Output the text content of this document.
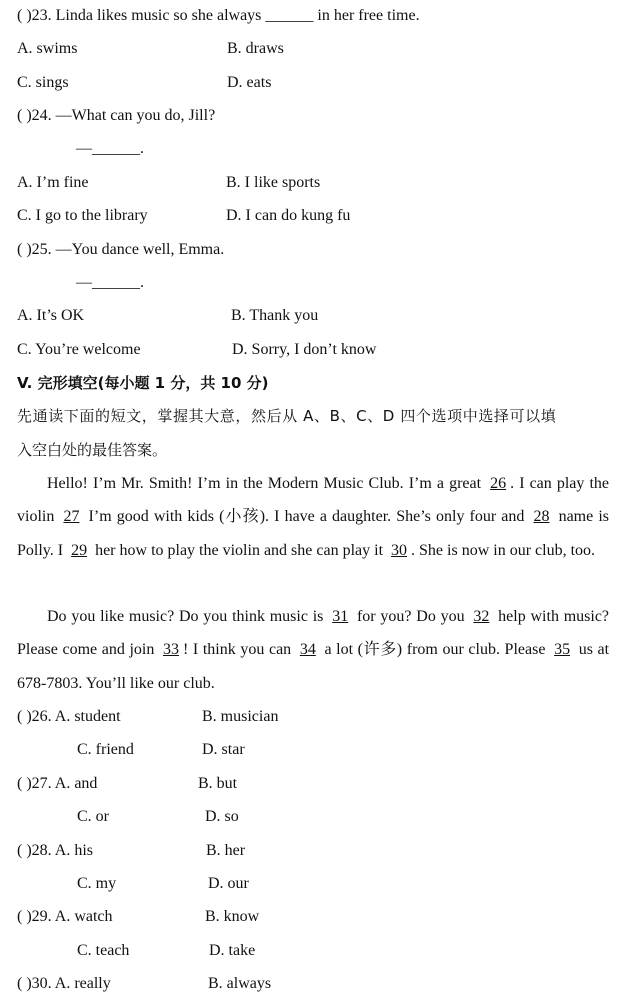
( )23. Linda likes music so she always ______ in her free time.
A. swims	B. draws
C. sings	D. eats
( )24. —What can you do, Jill?
—______.
A. I’m fine	B. I like sports
C. I go to the library	D. I can do kung fu
( )25. —You dance well, Emma.
—______.
A. It’s OK	B. Thank you
C. You’re welcome	D. Sorry, I don’t know
V. 完形填空(每小题 1 分，共 10 分)
先通读下面的短文，掌握其大意，然后从 A、B、C、D 四个选项中选择可以填
入空白处的最佳答案。
Hello! I’m Mr. Smith! I’m in the Modern Music Club. I’m a great 26 . I can play the violin 27 I’m good with kids (小孩). I have a daughter. She’s only four and 28 name is Polly. I 29 her how to play the violin and she can play it 30 . She is now in our club, too.
Do you like music? Do you think music is 31 for you? Do you 32 help with music? Please come and join 33 ! I think you can 34 a lot (许多) from our club. Please 35 us at 678-7803. You’ll like our club.
( )26. A. student	B. musician
C. friend	D. star
( )27. A. and	B. but
C. or	D. so
( )28. A. his	B. her
C. my	D. our
( )29. A. watch	B. know
C. teach	D. take
( )30. A. really	B. always
